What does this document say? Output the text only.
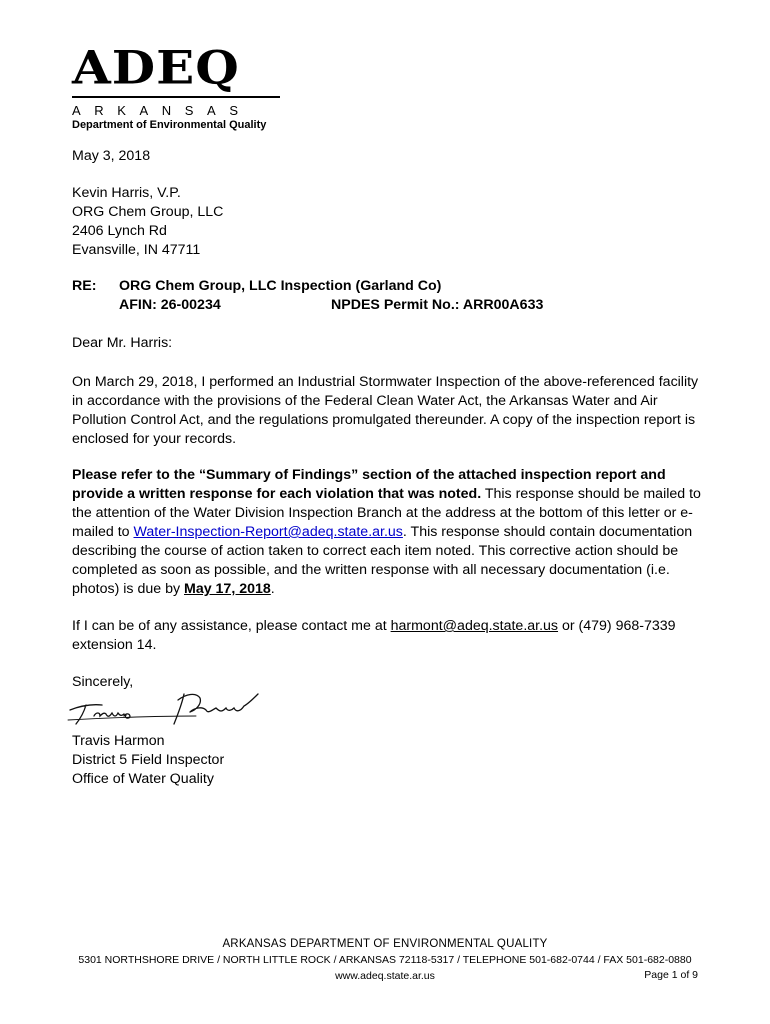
ADEQ
ARKANSAS
Department of Environmental Quality
May 3, 2018
Kevin Harris, V.P.
ORG Chem Group, LLC
2406 Lynch Rd
Evansville, IN 47711
RE: ORG Chem Group, LLC Inspection (Garland Co)
AFIN: 26-00234	NPDES Permit No.: ARR00A633
Dear Mr. Harris:
On March 29, 2018, I performed an Industrial Stormwater Inspection of the above-referenced facility in accordance with the provisions of the Federal Clean Water Act, the Arkansas Water and Air Pollution Control Act, and the regulations promulgated thereunder. A copy of the inspection report is enclosed for your records.
Please refer to the “Summary of Findings” section of the attached inspection report and provide a written response for each violation that was noted. This response should be mailed to the attention of the Water Division Inspection Branch at the address at the bottom of this letter or e-mailed to Water-Inspection-Report@adeq.state.ar.us. This response should contain documentation describing the course of action taken to correct each item noted. This corrective action should be completed as soon as possible, and the written response with all necessary documentation (i.e. photos) is due by May 17, 2018.
If I can be of any assistance, please contact me at harmont@adeq.state.ar.us or (479) 968-7339 extension 14.
Sincerely,
Travis Harmon
District 5 Field Inspector
Office of Water Quality
ARKANSAS DEPARTMENT OF ENVIRONMENTAL QUALITY
5301 NORTHSHORE DRIVE / NORTH LITTLE ROCK / ARKANSAS 72118-5317 / TELEPHONE 501-682-0744 / FAX 501-682-0880
www.adeq.state.ar.us	Page 1 of 9
